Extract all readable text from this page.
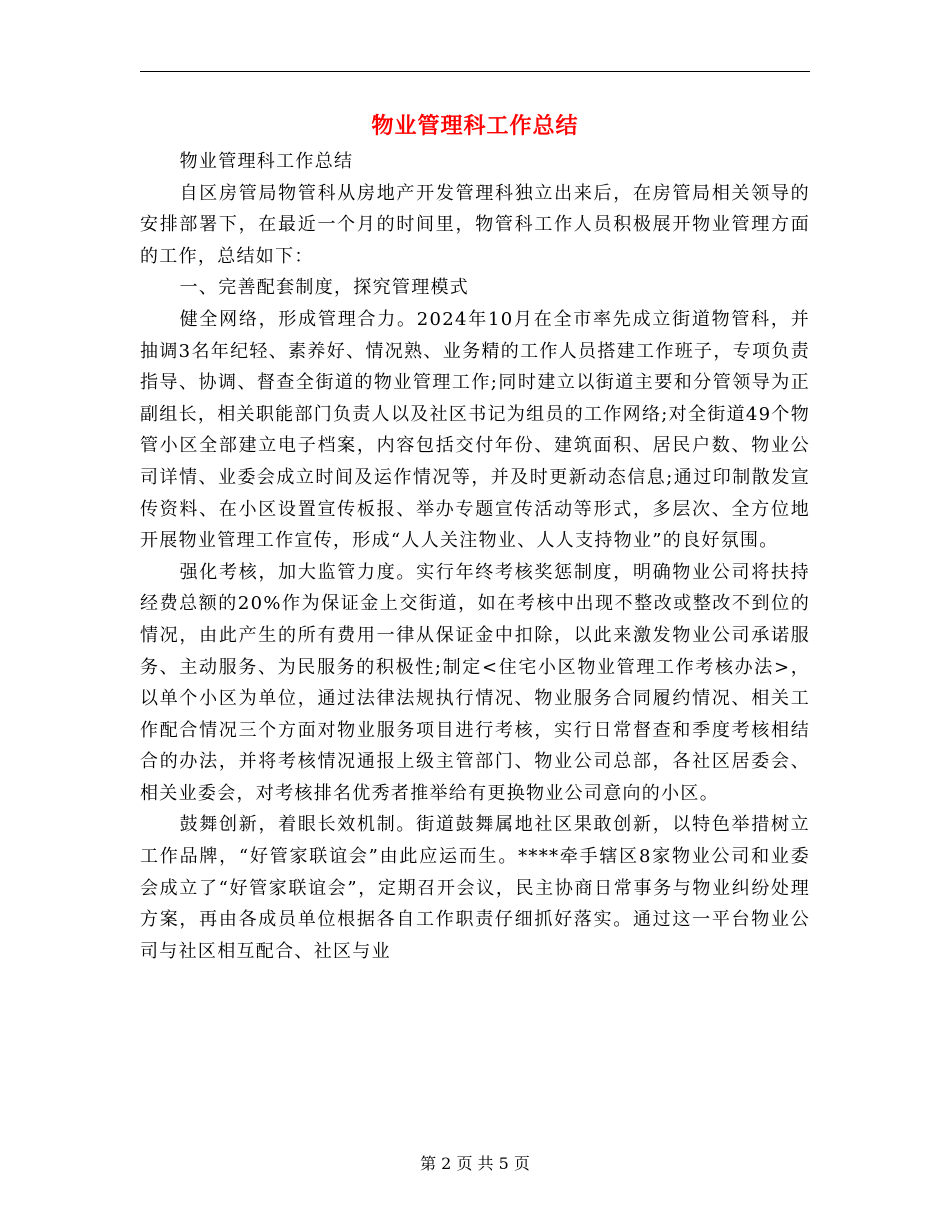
物业管理科工作总结

物业管理科工作总结

自区房管局物管科从房地产开发管理科独立出来后，在房管局相关领导的安排部署下，在最近一个月的时间里，物管科工作人员积极展开物业管理方面的工作，总结如下：

一、完善配套制度，探究管理模式

健全网络，形成管理合力。2024年10月在全市率先成立街道物管科，并抽调3名年纪轻、素养好、情况熟、业务精的工作人员搭建工作班子，专项负责指导、协调、督查全街道的物业管理工作;同时建立以街道主要和分管领导为正副组长，相关职能部门负责人以及社区书记为组员的工作网络;对全街道49个物管小区全部建立电子档案，内容包括交付年份、建筑面积、居民户数、物业公司详情、业委会成立时间及运作情况等，并及时更新动态信息;通过印制散发宣传资料、在小区设置宣传板报、举办专题宣传活动等形式，多层次、全方位地开展物业管理工作宣传，形成“人人关注物业、人人支持物业”的良好氛围。

强化考核，加大监管力度。实行年终考核奖惩制度，明确物业公司将扶持经费总额的20%作为保证金上交街道，如在考核中出现不整改或整改不到位的情况，由此产生的所有费用一律从保证金中扣除，以此来激发物业公司承诺服务、主动服务、为民服务的积极性;制定<住宅小区物业管理工作考核办法>，以单个小区为单位，通过法律法规执行情况、物业服务合同履约情况、相关工作配合情况三个方面对物业服务项目进行考核，实行日常督查和季度考核相结合的办法，并将考核情况通报上级主管部门、物业公司总部，各社区居委会、相关业委会，对考核排名优秀者推举给有更换物业公司意向的小区。

鼓舞创新，着眼长效机制。街道鼓舞属地社区果敢创新，以特色举措树立工作品牌，“好管家联谊会”由此应运而生。****牵手辖区8家物业公司和业委会成立了“好管家联谊会”，定期召开会议，民主协商日常事务与物业纠纷处理方案，再由各成员单位根据各自工作职责仔细抓好落实。通过这一平台物业公司与社区相互配合、社区与业

第 2 页 共 5 页
